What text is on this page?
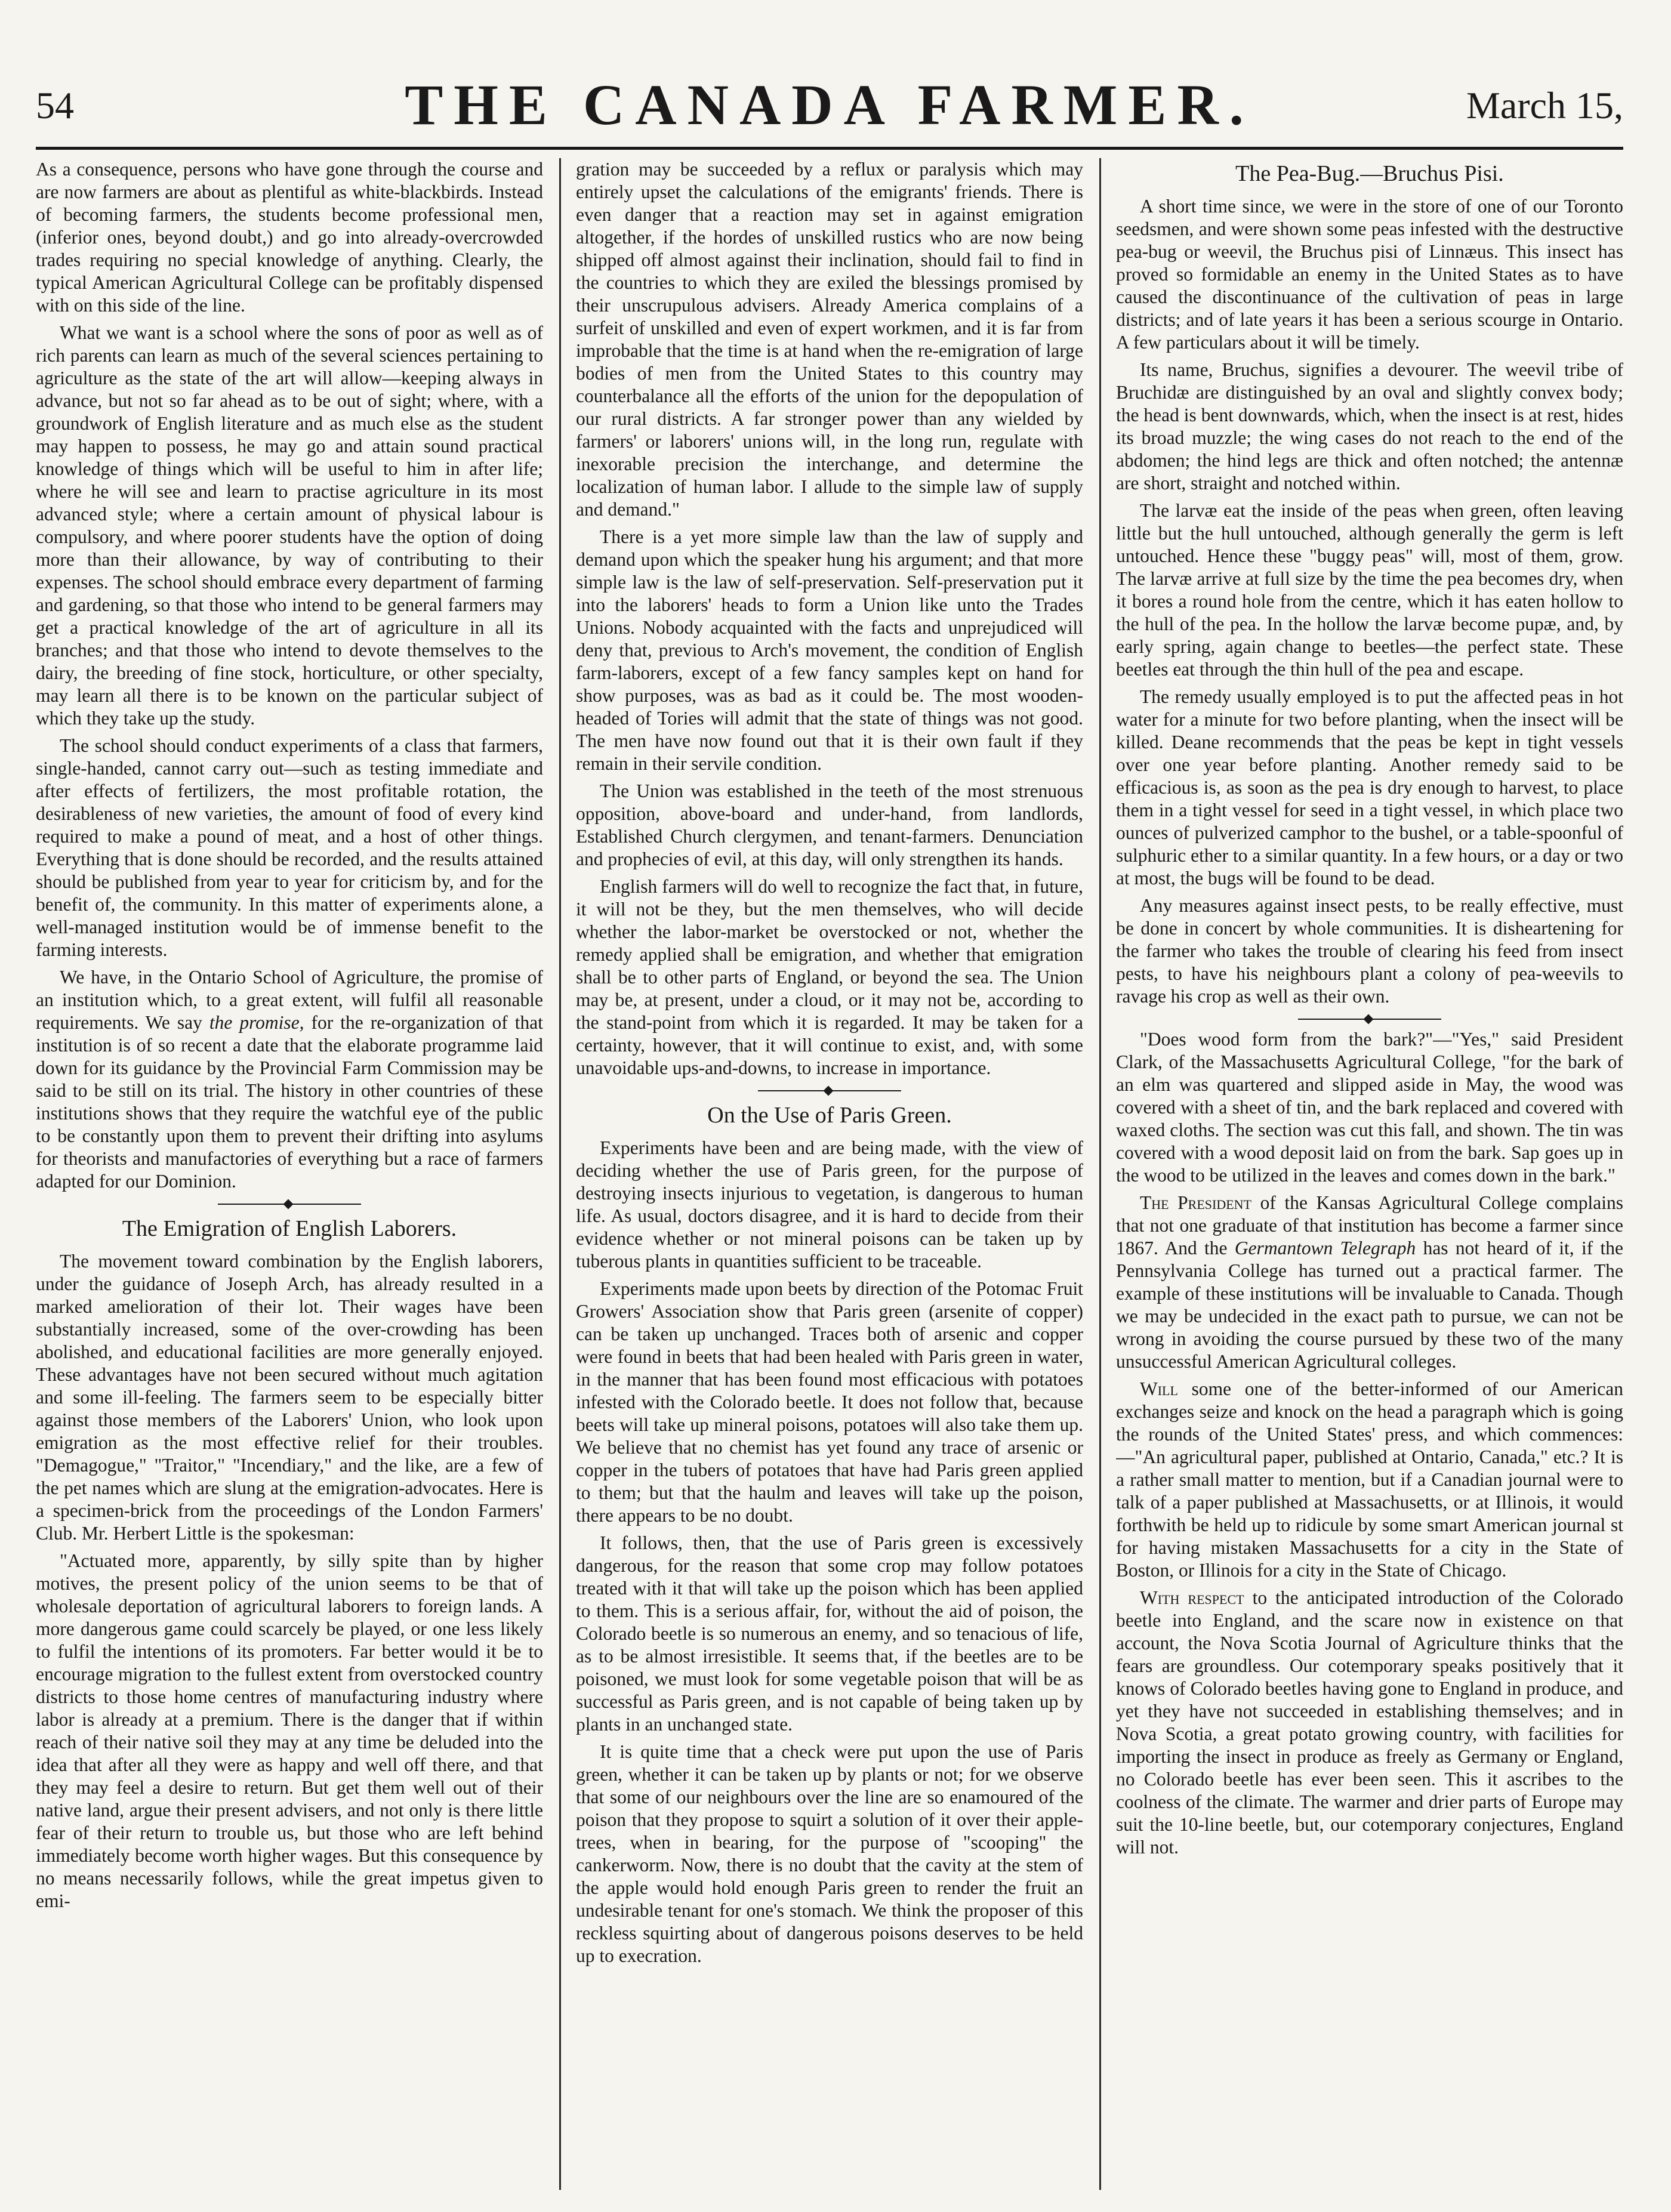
54	THE CANADA FARMER.	March 15,

As a consequence, persons who have gone through the course and are now farmers are about as plentiful as white-blackbirds. Instead of becoming farmers, the students become professional men, (inferior ones, beyond doubt,) and go into already-overcrowded trades requiring no special knowledge of anything. Clearly, the typical American Agricultural College can be profitably dispensed with on this side of the line.

What we want is a school where the sons of poor as well as of rich parents can learn as much of the several sciences pertaining to agriculture as the state of the art will allow—keeping always in advance, but not so far ahead as to be out of sight; where, with a groundwork of English literature and as much else as the student may happen to possess, he may go and attain sound practical knowledge of things which will be useful to him in after life; where he will see and learn to practise agriculture in its most advanced style; where a certain amount of physical labour is compulsory, and where poorer students have the option of doing more than their allowance, by way of contributing to their expenses. The school should embrace every department of farming and gardening, so that those who intend to be general farmers may get a practical knowledge of the art of agriculture in all its branches; and that those who intend to devote themselves to the dairy, the breeding of fine stock, horticulture, or other specialty, may learn all there is to be known on the particular subject of which they take up the study.

The school should conduct experiments of a class that farmers, single-handed, cannot carry out—such as testing immediate and after effects of fertilizers, the most profitable rotation, the desirableness of new varieties, the amount of food of every kind required to make a pound of meat, and a host of other things. Everything that is done should be recorded, and the results attained should be published from year to year for criticism by, and for the benefit of, the community. In this matter of experiments alone, a well-managed institution would be of immense benefit to the farming interests.

We have, in the Ontario School of Agriculture, the promise of an institution which, to a great extent, will fulfil all reasonable requirements. We say the promise, for the re-organization of that institution is of so recent a date that the elaborate programme laid down for its guidance by the Provincial Farm Commission may be said to be still on its trial. The history in other countries of these institutions shows that they require the watchful eye of the public to be constantly upon them to prevent their drifting into asylums for theorists and manufactories of everything but a race of farmers adapted for our Dominion.

The Emigration of English Laborers.

The movement toward combination by the English laborers, under the guidance of Joseph Arch, has already resulted in a marked amelioration of their lot. Their wages have been substantially increased, some of the over-crowding has been abolished, and educational facilities are more generally enjoyed. These advantages have not been secured without much agitation and some ill-feeling. The farmers seem to be especially bitter against those members of the Laborers' Union, who look upon emigration as the most effective relief for their troubles. "Demagogue," "Traitor," "Incendiary," and the like, are a few of the pet names which are slung at the emigration-advocates. Here is a specimen-brick from the proceedings of the London Farmers' Club. Mr. Herbert Little is the spokesman:

"Actuated more, apparently, by silly spite than by higher motives, the present policy of the union seems to be that of wholesale deportation of agricultural laborers to foreign lands. A more dangerous game could scarcely be played, or one less likely to fulfil the intentions of its promoters. Far better would it be to encourage migration to the fullest extent from overstocked country districts to those home centres of manufacturing industry where labor is already at a premium. There is the danger that if within reach of their native soil they may at any time be deluded into the idea that after all they were as happy and well off there, and that they may feel a desire to return. But get them well out of their native land, argue their present advisers, and not only is there little fear of their return to trouble us, but those who are left behind immediately become worth higher wages. But this consequence by no means necessarily follows, while the great impetus given to emi-

gration may be succeeded by a reflux or paralysis which may entirely upset the calculations of the emigrants' friends. There is even danger that a reaction may set in against emigration altogether, if the hordes of unskilled rustics who are now being shipped off almost against their inclination, should fail to find in the countries to which they are exiled the blessings promised by their unscrupulous advisers. Already America complains of a surfeit of unskilled and even of expert workmen, and it is far from improbable that the time is at hand when the re-emigration of large bodies of men from the United States to this country may counterbalance all the efforts of the union for the depopulation of our rural districts. A far stronger power than any wielded by farmers' or laborers' unions will, in the long run, regulate with inexorable precision the interchange, and determine the localization of human labor. I allude to the simple law of supply and demand."

There is a yet more simple law than the law of supply and demand upon which the speaker hung his argument; and that more simple law is the law of self-preservation. Self-preservation put it into the laborers' heads to form a Union like unto the Trades Unions. Nobody acquainted with the facts and unprejudiced will deny that, previous to Arch's movement, the condition of English farm-laborers, except of a few fancy samples kept on hand for show purposes, was as bad as it could be. The most wooden-headed of Tories will admit that the state of things was not good. The men have now found out that it is their own fault if they remain in their servile condition.

The Union was established in the teeth of the most strenuous opposition, above-board and under-hand, from landlords, Established Church clergymen, and tenant-farmers. Denunciation and prophecies of evil, at this day, will only strengthen its hands.

English farmers will do well to recognize the fact that, in future, it will not be they, but the men themselves, who will decide whether the labor-market be overstocked or not, whether the remedy applied shall be emigration, and whether that emigration shall be to other parts of England, or beyond the sea. The Union may be, at present, under a cloud, or it may not be, according to the stand-point from which it is regarded. It may be taken for a certainty, however, that it will continue to exist, and, with some unavoidable ups-and-downs, to increase in importance.

On the Use of Paris Green.

Experiments have been and are being made, with the view of deciding whether the use of Paris green, for the purpose of destroying insects injurious to vegetation, is dangerous to human life. As usual, doctors disagree, and it is hard to decide from their evidence whether or not mineral poisons can be taken up by tuberous plants in quantities sufficient to be traceable.

Experiments made upon beets by direction of the Potomac Fruit Growers' Association show that Paris green (arsenite of copper) can be taken up unchanged. Traces both of arsenic and copper were found in beets that had been healed with Paris green in water, in the manner that has been found most efficacious with potatoes infested with the Colorado beetle. It does not follow that, because beets will take up mineral poisons, potatoes will also take them up. We believe that no chemist has yet found any trace of arsenic or copper in the tubers of potatoes that have had Paris green applied to them; but that the haulm and leaves will take up the poison, there appears to be no doubt.

It follows, then, that the use of Paris green is excessively dangerous, for the reason that some crop may follow potatoes treated with it that will take up the poison which has been applied to them. This is a serious affair, for, without the aid of poison, the Colorado beetle is so numerous an enemy, and so tenacious of life, as to be almost irresistible. It seems that, if the beetles are to be poisoned, we must look for some vegetable poison that will be as successful as Paris green, and is not capable of being taken up by plants in an unchanged state.

It is quite time that a check were put upon the use of Paris green, whether it can be taken up by plants or not; for we observe that some of our neighbours over the line are so enamoured of the poison that they propose to squirt a solution of it over their apple-trees, when in bearing, for the purpose of "scooping" the cankerworm. Now, there is no doubt that the cavity at the stem of the apple would hold enough Paris green to render the fruit an undesirable tenant for one's stomach. We think the proposer of this reckless squirting about of dangerous poisons deserves to be held up to execration.

The Pea-Bug.—Bruchus Pisi.

A short time since, we were in the store of one of our Toronto seedsmen, and were shown some peas infested with the destructive pea-bug or weevil, the Bruchus pisi of Linnæus. This insect has proved so formidable an enemy in the United States as to have caused the discontinuance of the cultivation of peas in large districts; and of late years it has been a serious scourge in Ontario. A few particulars about it will be timely.

Its name, Bruchus, signifies a devourer. The weevil tribe of Bruchidæ are distinguished by an oval and slightly convex body; the head is bent downwards, which, when the insect is at rest, hides its broad muzzle; the wing cases do not reach to the end of the abdomen; the hind legs are thick and often notched; the antennæ are short, straight and notched within.

The larvæ eat the inside of the peas when green, often leaving little but the hull untouched, although generally the germ is left untouched. Hence these "buggy peas" will, most of them, grow. The larvæ arrive at full size by the time the pea becomes dry, when it bores a round hole from the centre, which it has eaten hollow to the hull of the pea. In the hollow the larvæ become pupæ, and, by early spring, again change to beetles—the perfect state. These beetles eat through the thin hull of the pea and escape.

The remedy usually employed is to put the affected peas in hot water for a minute for two before planting, when the insect will be killed. Deane recommends that the peas be kept in tight vessels over one year before planting. Another remedy said to be efficacious is, as soon as the pea is dry enough to harvest, to place them in a tight vessel for seed in a tight vessel, in which place two ounces of pulverized camphor to the bushel, or a table-spoonful of sulphuric ether to a similar quantity. In a few hours, or a day or two at most, the bugs will be found to be dead.

Any measures against insect pests, to be really effective, must be done in concert by whole communities. It is disheartening for the farmer who takes the trouble of clearing his feed from insect pests, to have his neighbours plant a colony of pea-weevils to ravage his crop as well as their own.

"Does wood form from the bark?"—"Yes," said President Clark, of the Massachusetts Agricultural College, "for the bark of an elm was quartered and slipped aside in May, the wood was covered with a sheet of tin, and the bark replaced and covered with waxed cloths. The section was cut this fall, and shown. The tin was covered with a wood deposit laid on from the bark. Sap goes up in the wood to be utilized in the leaves and comes down in the bark."

The President of the Kansas Agricultural College complains that not one graduate of that institution has become a farmer since 1867. And the Germantown Telegraph has not heard of it, if the Pennsylvania College has turned out a practical farmer. The example of these institutions will be invaluable to Canada. Though we may be undecided in the exact path to pursue, we can not be wrong in avoiding the course pursued by these two of the many unsuccessful American Agricultural colleges.

Will some one of the better-informed of our American exchanges seize and knock on the head a paragraph which is going the rounds of the United States' press, and which commences:—"An agricultural paper, published at Ontario, Canada," etc.? It is a rather small matter to mention, but if a Canadian journal were to talk of a paper published at Massachusetts, or at Illinois, it would forthwith be held up to ridicule by some smart American journal st for having mistaken Massachusetts for a city in the State of Boston, or Illinois for a city in the State of Chicago.

With respect to the anticipated introduction of the Colorado beetle into England, and the scare now in existence on that account, the Nova Scotia Journal of Agriculture thinks that the fears are groundless. Our cotemporary speaks positively that it knows of Colorado beetles having gone to England in produce, and yet they have not succeeded in establishing themselves; and in Nova Scotia, a great potato growing country, with facilities for importing the insect in produce as freely as Germany or England, no Colorado beetle has ever been seen. This it ascribes to the coolness of the climate. The warmer and drier parts of Europe may suit the 10-line beetle, but, our cotemporary conjectures, England will not.
